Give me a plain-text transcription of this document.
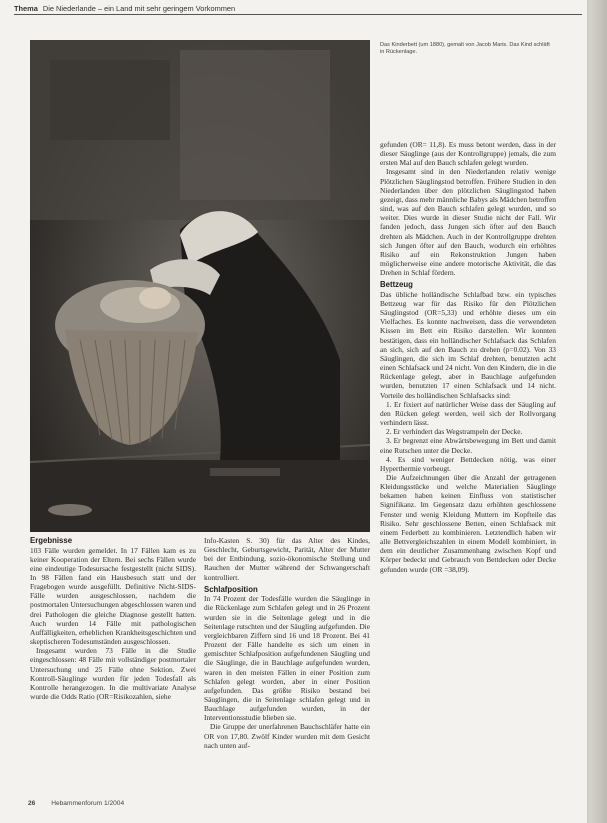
Thema Die Niederlande – ein Land mit sehr geringem Vorkommen
Das Kinderbett (um 1880), gemalt von Jacob Maris. Das Kind schläft in Rückenlage.
Ergebnisse

103 Fälle wurden gemeldet. In 17 Fällen kam es zu keiner Kooperation der Eltern. Bei sechs Fällen wurde eine eindeutige Todesursache festgestellt (nicht SIDS). In 98 Fällen fand ein Hausbesuch statt und der Fragebogen wurde ausgefüllt. Definitive Nicht-SIDS-Fälle wurden ausgeschlossen, nachdem die postmortalen Untersuchungen abgeschlossen waren und drei Pathologen die gleiche Diagnose gestellt hatten. Auch wurden 14 Fälle mit pathologischen Auffälligkeiten, erheblichen Krankheitsgeschichten und skeptischeren Todesumständen ausgeschlossen.

Insgesamt wurden 73 Fälle in die Studie eingeschlossen: 48 Fälle mit vollständiger postmortaler Untersuchung und 25 Fälle ohne Sektion. Zwei Kontroll-Säuglinge wurden für jeden Todesfall als Kontrolle herangezogen. In die multivariate Analyse wurde die Odds Ratio (OR=Risikozahlen, siehe

Info-Kasten S. 30) für das Alter des Kindes, Geschlecht, Geburtsgewicht, Parität, Alter der Mutter bei der Entbindung, sozio-ökonomische Stellung und Rauchen der Mutter während der Schwangerschaft kontrolliert.

Schlafposition

In 74 Prozent der Todesfälle wurden die Säuglinge in die Rückenlage zum Schlafen gelegt und in 26 Prozent wurden sie in die Seitenlage gelegt und in die Seitenlage rutschten und der Säugling aufgefunden. Die vergleichbaren Ziffern sind 16 und 18 Prozent. Bei 41 Prozent der Fälle handelte es sich um einen in gemischter Schlafposition aufgefundenen Säugling und die Säuglinge, die in Bauchlage aufgefunden wurden, waren in den meisten Fällen in einer Position zum Schlafen gelegt worden, aber in einer Position aufgefunden. Das größte Risiko bestand bei Säuglingen, die in Seitenlage schlafen gelegt und in Bauchlage aufgefunden wurden, in der Interventionsstudie blieben sie.

Die Gruppe der unerfahrenen Bauchschläfer hatte ein OR von 17,80. Zwölf Kinder wurden mit dem Gesicht nach unten auf-

gefunden (OR= 11,8). Es muss betont werden, dass in der dieser Säuglinge (aus der Kontrollgruppe) jemals, die zum ersten Mal auf den Bauch schlafen gelegt wurden.

Insgesamt sind in den Niederlanden relativ wenige Plötzlichen Säuglingstod betroffen. Frühere Studien in den Niederlanden über den plötzlichen Säuglingstod haben gezeigt, dass mehr männliche Babys als Mädchen betroffen sind, was auf den Bauch schlafen gelegt wurden, und so weiter. Dies wurde in dieser Studie nicht der Fall. Wir fanden jedoch, dass Jungen sich öfter auf den Bauch drehten als Mädchen. Auch in der Kontrollgruppe drehten sich Jungen öfter auf den Bauch, wodurch ein erhöhtes Risiko auf ein Rekonstruktion Jungen haben möglicherweise eine andere motorische Aktivität, die das Drehen in Schlaf fördern.

Bettzeug

Das übliche holländische Schlafbad bzw. ein typisches Bettzeug war für das Risiko für den Plötzlichen Säuglingstod (OR=5,33) und erhöhte dieses um ein Vielfaches. Es konnte nachweisen, dass die verwendeten Kissen im Bett ein Risiko darstellen. Wir konnten bestätigen, dass ein holländischer Schlafsack das Schlafen an sich, sich auf den Bauch zu drehen (p=0.02). Von 33 Säuglingen, die sich im Schlaf drehten, benutzten acht einen Schlafsack und 24 nicht. Von den Kindern, die in die Rückenlage gelegt, aber in Bauchlage aufgefunden wurden, benutzten 17 einen Schlafsack und 14 nicht. Vorteile des holländischen Schlafsacks sind:

1. Er fixiert auf natürlicher Weise dass der Säugling auf den Rücken gelegt werden, weil sich der Rollvorgang verhindern lässt.

2. Er verhindert das Wegstrampeln der Decke.

3. Er begrenzt eine Abwärtsbewegung im Bett und damit eine Rutschen unter die Decke.

4. Es sind weniger Bettdecken nötig, was einer Hyperthermie vorbeugt.

Die Aufzeichnungen über die Anzahl der getragenen Kleidungsstücke und welche Materialien Säuglinge bekamen haben keinen Einfluss von statistischer Signifikanz. Im Gegensatz dazu erhöhten geschlossene Fenster und wenig Kleidung Muttern im Kopfteile das Risiko. Sehr geschlossene Betten, einen Schlafsack mit einem Federbett zu kombinieren. Letztendlich haben wir alle Bettvergleichszahlen in einem Modell kombiniert, in dem ein deutlicher Zusammenhang zwischen Kopf und Körper bedeckt und Gebrauch von Bettdecken oder Decke gefunden wurde (OR =38,09).

26 Hebammenforum 1/2004
